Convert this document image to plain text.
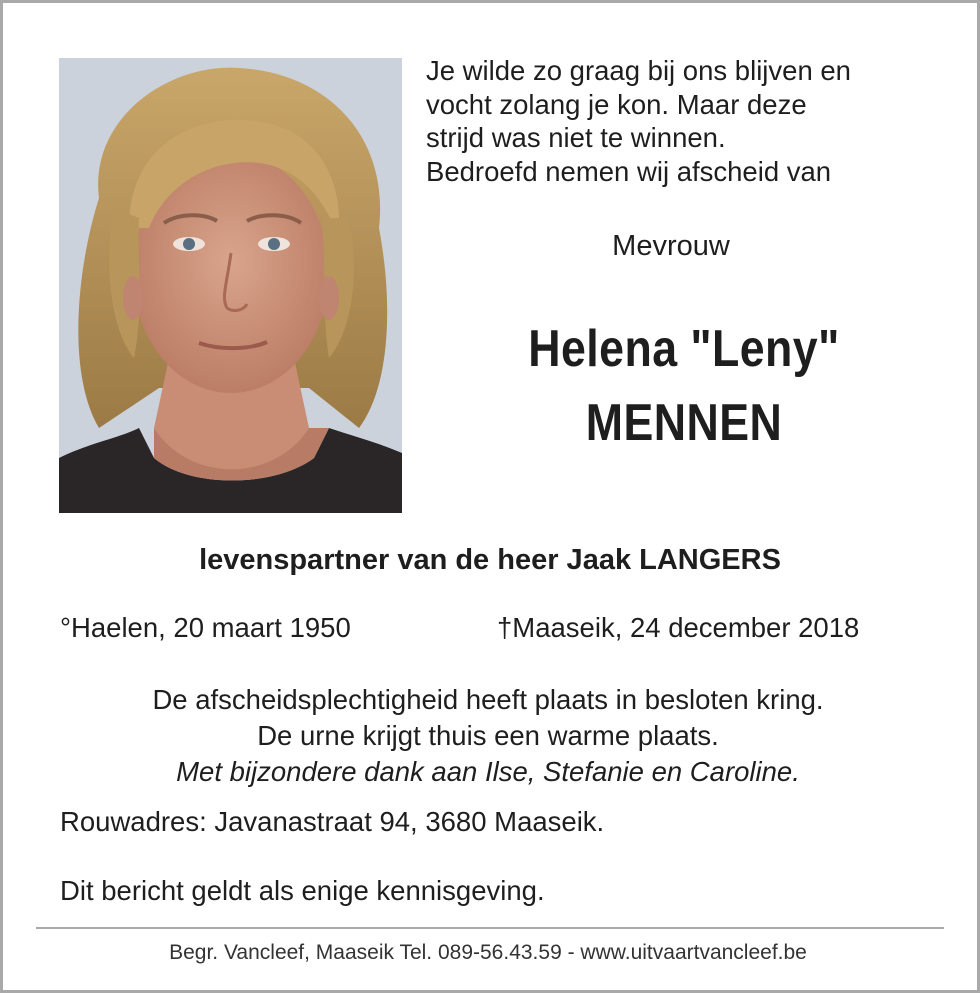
Je wilde zo graag bij ons blijven en
vocht zolang je kon. Maar deze
strijd was niet te winnen.
Bedroefd nemen wij afscheid van
Mevrouw
Helena "Leny"
MENNEN
levenspartner van de heer Jaak LANGERS
°Haelen, 20 maart 1950	†Maaseik, 24 december 2018
De afscheidsplechtigheid heeft plaats in besloten kring.
De urne krijgt thuis een warme plaats.
Met bijzondere dank aan Ilse, Stefanie en Caroline.
Rouwadres: Javanastraat 94, 3680 Maaseik.
Dit bericht geldt als enige kennisgeving.
Begr. Vancleef, Maaseik Tel. 089-56.43.59 - www.uitvaartvancleef.be
